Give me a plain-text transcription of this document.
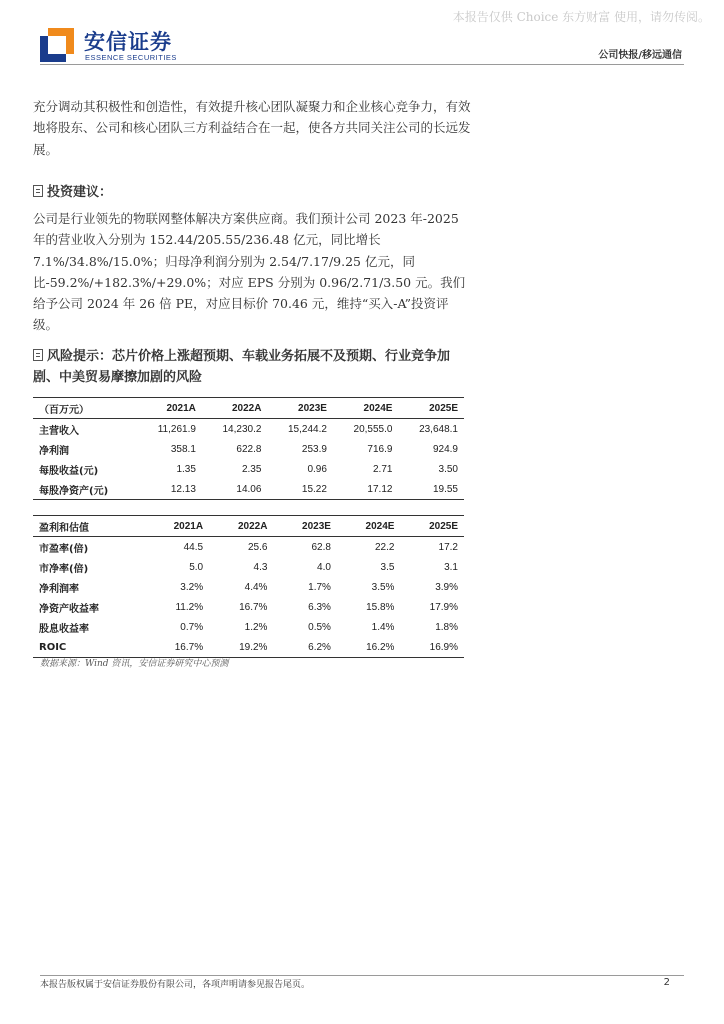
本报告仅供 Choice 东方财富 使用，请勿传阅。
安信证券
ESSENCE SECURITIES	公司快报/移远通信

充分调动其积极性和创造性，有效提升核心团队凝聚力和企业核心竞争力，有效地将股东、公司和核心团队三方利益结合在一起，使各方共同关注公司的长远发展。

投资建议：

公司是行业领先的物联网整体解决方案供应商。我们预计公司 2023 年-2025 年的营业收入分别为 152.44/205.55/236.48 亿元，同比增长 7.1%/34.8%/15.0%；归母净利润分别为 2.54/7.17/9.25 亿元，同比-59.2%/+182.3%/+29.0%；对应 EPS 分别为 0.96/2.71/3.50 元。我们给予公司 2024 年 26 倍 PE，对应目标价 70.46 元，维持“买入-A”投资评级。

风险提示：芯片价格上涨超预期、车载业务拓展不及预期、行业竞争加剧、中美贸易摩擦加剧的风险
（百万元）	2021A	2022A	2023E	2024E	2025E
主营收入	11,261.9	14,230.2	15,244.2	20,555.0	23,648.1
净利润	358.1	622.8	253.9	716.9	924.9
每股收益(元)	1.35	2.35	0.96	2.71	3.50
每股净资产(元)	12.13	14.06	15.22	17.12	19.55
盈利和估值	2021A	2022A	2023E	2024E	2025E
市盈率(倍)	44.5	25.6	62.8	22.2	17.2
市净率(倍)	5.0	4.3	4.0	3.5	3.1
净利润率	3.2%	4.4%	1.7%	3.5%	3.9%
净资产收益率	11.2%	16.7%	6.3%	15.8%	17.9%
股息收益率	0.7%	1.2%	0.5%	1.4%	1.8%
ROIC	16.7%	19.2%	6.2%	16.2%	16.9%
数据来源：Wind 资讯，安信证券研究中心预测
本报告版权属于安信证券股份有限公司，各项声明请参见报告尾页。	2
